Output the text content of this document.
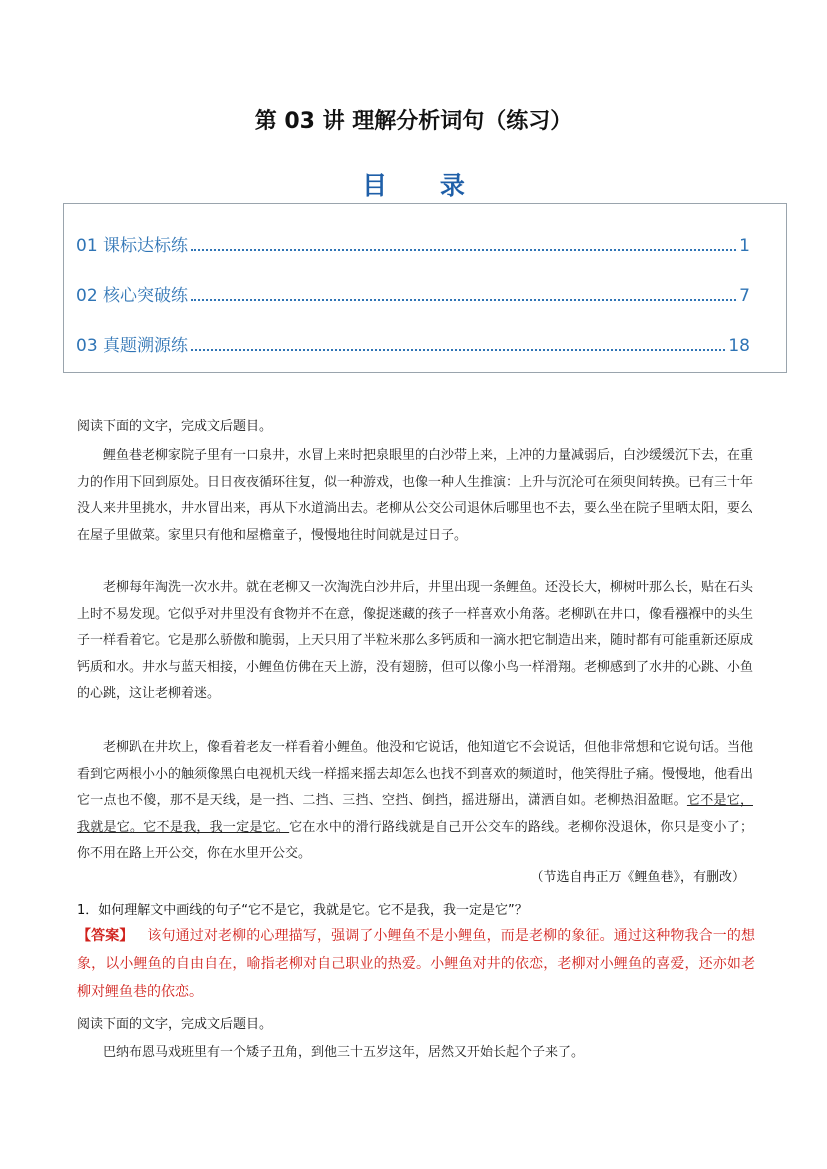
第 03 讲 理解分析词句（练习）
目 录
01 课标达标练	1
02 核心突破练	7
03 真题溯源练	18
阅读下面的文字，完成文后题目。
鲤鱼巷老柳家院子里有一口泉井，水冒上来时把泉眼里的白沙带上来，上冲的力量减弱后，白沙缓缓沉下去，在重力的作用下回到原处。日日夜夜循环往复，似一种游戏，也像一种人生推演：上升与沉沦可在须臾间转换。已有三十年没人来井里挑水，井水冒出来，再从下水道淌出去。老柳从公交公司退休后哪里也不去，要么坐在院子里晒太阳，要么在屋子里做菜。家里只有他和屋檐童子，慢慢地往时间就是过日子。
老柳每年淘洗一次水井。就在老柳又一次淘洗白沙井后，井里出现一条鲤鱼。还没长大，柳树叶那么长，贴在石头上时不易发现。它似乎对井里没有食物并不在意，像捉迷藏的孩子一样喜欢小角落。老柳趴在井口，像看襁褓中的头生子一样看着它。它是那么骄傲和脆弱，上天只用了半粒米那么多钙质和一滴水把它制造出来，随时都有可能重新还原成钙质和水。井水与蓝天相接，小鲤鱼仿佛在天上游，没有翅膀，但可以像小鸟一样滑翔。老柳感到了水井的心跳、小鱼的心跳，这让老柳着迷。
老柳趴在井坎上，像看着老友一样看着小鲤鱼。他没和它说话，他知道它不会说话，但他非常想和它说句话。当他看到它两根小小的触须像黑白电视机天线一样摇来摇去却怎么也找不到喜欢的频道时，他笑得肚子痛。慢慢地，他看出它一点也不傻，那不是天线，是一挡、二挡、三挡、空挡、倒挡，摇进掰出，潇洒自如。老柳热泪盈眶。它不是它，我就是它。它不是我，我一定是它。它在水中的滑行路线就是自己开公交车的路线。老柳你没退休，你只是变小了；你不用在路上开公交，你在水里开公交。
（节选自冉正万《鲤鱼巷》，有删改）
1．如何理解文中画线的句子“它不是它，我就是它。它不是我，我一定是它”？
【答案】 该句通过对老柳的心理描写，强调了小鲤鱼不是小鲤鱼，而是老柳的象征。通过这种物我合一的想象，以小鲤鱼的自由自在，喻指老柳对自己职业的热爱。小鲤鱼对井的依恋，老柳对小鲤鱼的喜爱，还亦如老柳对鲤鱼巷的依恋。
阅读下面的文字，完成文后题目。
巴纳布恩马戏班里有一个矮子丑角，到他三十五岁这年，居然又开始长起个子来了。
